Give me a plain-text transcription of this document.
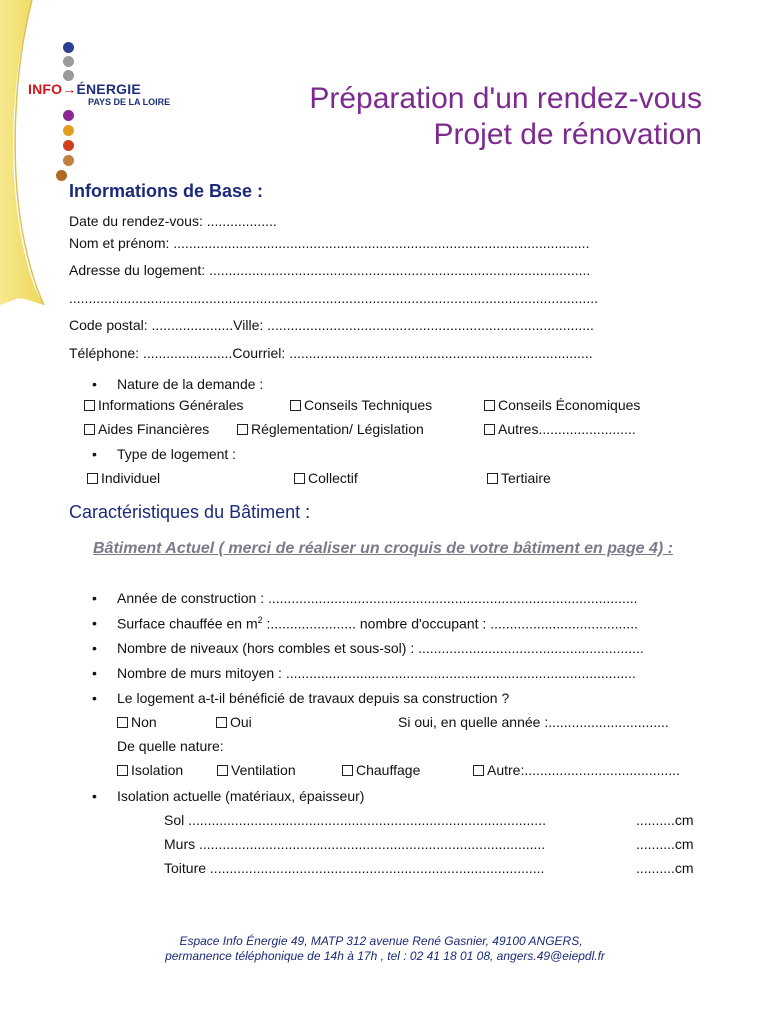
INFO→ÉNERGIE
PAYS DE LA LOIRE	Préparation d'un rendez-vous
Projet de rénovation
Informations de Base :
Date du rendez-vous: ..................
Nom et prénom: ...........................................................................................................
Adresse du logement: ..................................................................................................
........................................................................................................................................
Code postal: .....................Ville: ....................................................................................
Téléphone: .......................Courriel: ..............................................................................
• Nature de la demande :
Informations Générales	Conseils Techniques	Conseils Économiques
Aides Financières	Réglementation/ Législation	Autres.........................
• Type de logement :
Individuel	Collectif	Tertiaire
Caractéristiques du Bâtiment :
Bâtiment Actuel ( merci de réaliser un croquis de votre bâtiment en page 4) :
• Année de construction : ...............................................................................................
• Surface chauffée en $m^2$ :...................... nombre d'occupant : ......................................
• Nombre de niveaux (hors combles et sous-sol) : ..........................................................
• Nombre de murs mitoyen : ..........................................................................................
• Le logement a-t-il bénéficié de travaux depuis sa construction ?
Non	Oui	Si oui, en quelle année :...............................
De quelle nature:
Isolation	Ventilation	Chauffage	Autre:........................................
• Isolation actuelle (matériaux, épaisseur)
Sol ............................................................................................	..........cm
Murs .........................................................................................	..........cm
Toiture ......................................................................................	..........cm
Espace Info Énergie 49, MATP 312 avenue René Gasnier, 49100 ANGERS,
permanence téléphonique de 14h à 17h , tel : 02 41 18 01 08, angers.49@eiepdl.fr
